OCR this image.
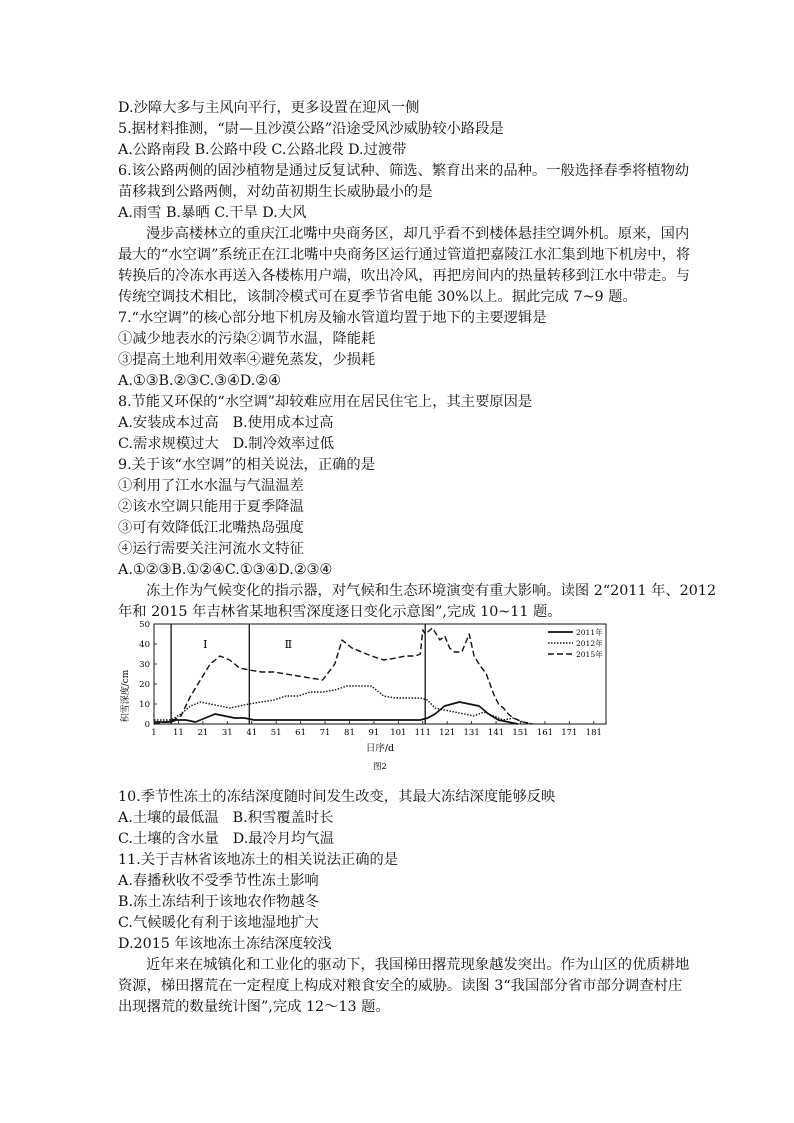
D.沙障大多与主风向平行，更多设置在迎风一侧
5.据材料推测，“尉—且沙漠公路”沿途受风沙威胁较小路段是
A.公路南段 B.公路中段 C.公路北段 D.过渡带
6.该公路两侧的固沙植物是通过反复试种、筛选、繁育出来的品种。一般选择春季将植物幼
苗移栽到公路两侧，对幼苗初期生长威胁最小的是
A.雨雪 B.暴晒 C.干旱 D.大风
漫步高楼林立的重庆江北嘴中央商务区，却几乎看不到楼体悬挂空调外机。原来，国内
最大的“水空调”系统正在江北嘴中央商务区运行通过管道把嘉陵江水汇集到地下机房中，将
转换后的冷冻水再送入各楼栋用户端，吹出冷风，再把房间内的热量转移到江水中带走。与
传统空调技术相比，该制冷模式可在夏季节省电能 30%以上。据此完成 7~9 题。
7.“水空调”的核心部分地下机房及输水管道均置于地下的主要逻辑是
①减少地表水的污染②调节水温，降能耗
③提高土地利用效率④避免蒸发，少损耗
A.①③B.②③C.③④D.②④
8.节能又环保的“水空调”却较难应用在居民住宅上，其主要原因是
A.安装成本过高 B.使用成本过高
C.需求规模过大 D.制冷效率过低
9.关于该“水空调”的相关说法，正确的是
①利用了江水水温与气温温差
②该水空调只能用于夏季降温
③可有效降低江北嘴热岛强度
④运行需要关注河流水文特征
A.①②③B.①②④C.①③④D.②③④
冻土作为气候变化的指示器，对气候和生态环境演变有重大影响。读图 2“2011 年、2012
年和 2015 年吉林省某地积雪深度逐日变化示意图”,完成 10~11 题。
0
10
20
30
40
50
1 11 21 31 41 51 61 71 81 91 101 111 121 131 141 151 161 171 181
Ⅰ	Ⅱ
2011年
2012年
2015年
积雪深度/cm
日序/d
图2
10.季节性冻土的冻结深度随时间发生改变，其最大冻结深度能够反映
A.土壤的最低温 B.积雪覆盖时长
C.土壤的含水量 D.最冷月均气温
11.关于吉林省该地冻土的相关说法正确的是
A.春播秋收不受季节性冻土影响
B.冻土冻结利于该地农作物越冬
C.气候暖化有利于该地湿地扩大
D.2015 年该地冻土冻结深度较浅
近年来在城镇化和工业化的驱动下，我国梯田撂荒现象越发突出。作为山区的优质耕地
资源，梯田撂荒在一定程度上构成对粮食安全的威胁。读图 3“我国部分省市部分调查村庄
出现撂荒的数量统计图”,完成 12～13 题。
